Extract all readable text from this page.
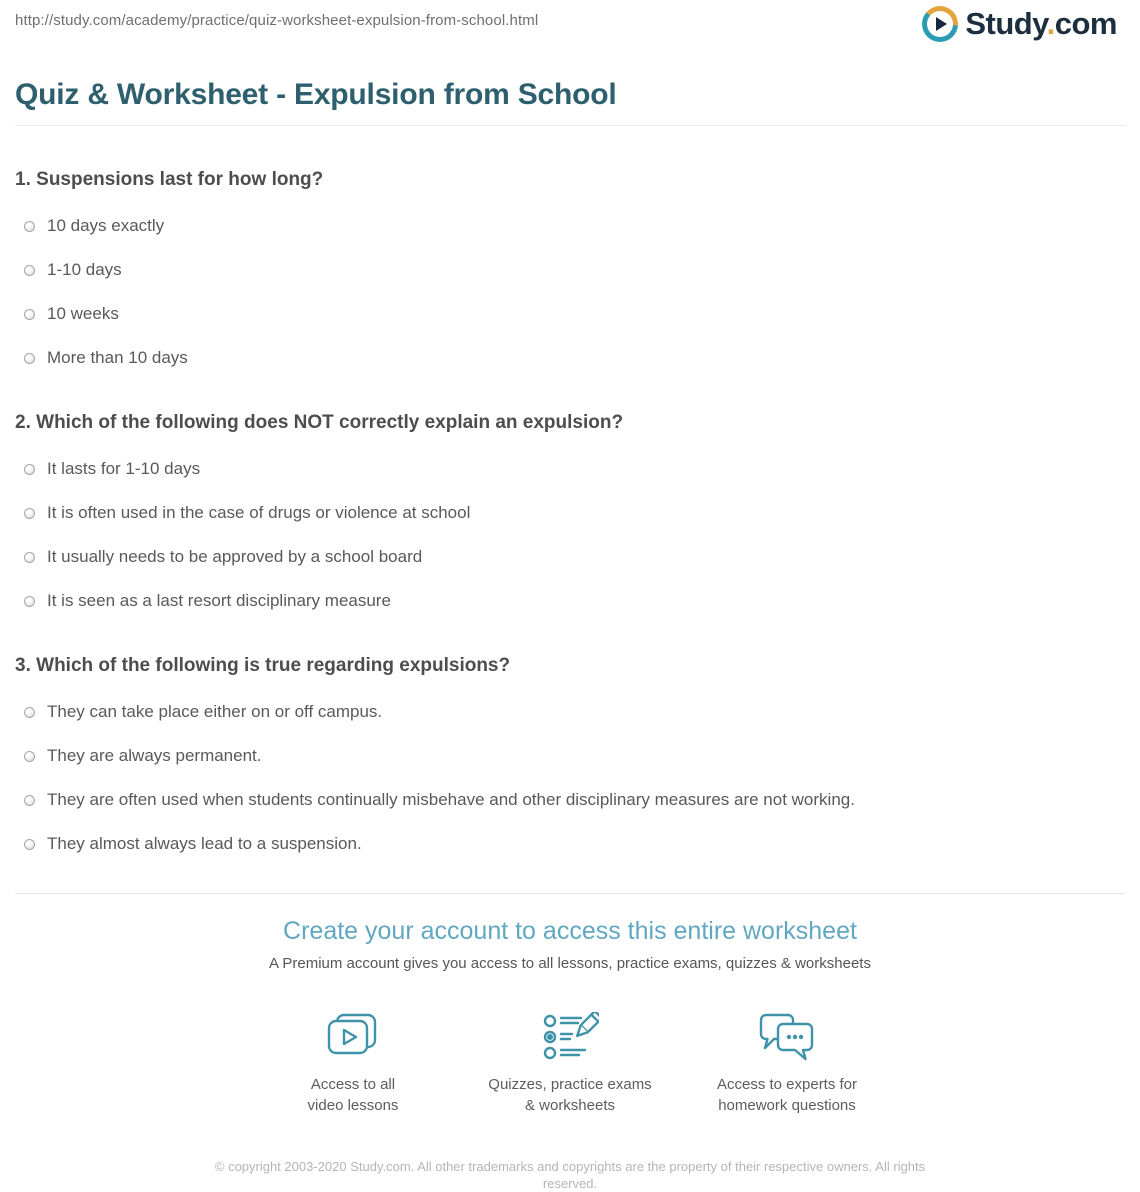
http://study.com/academy/practice/quiz-worksheet-expulsion-from-school.html	Study.com
Quiz & Worksheet - Expulsion from School
1. Suspensions last for how long?
10 days exactly
1-10 days
10 weeks
More than 10 days
2. Which of the following does NOT correctly explain an expulsion?
It lasts for 1-10 days
It is often used in the case of drugs or violence at school
It usually needs to be approved by a school board
It is seen as a last resort disciplinary measure
3. Which of the following is true regarding expulsions?
They can take place either on or off campus.
They are always permanent.
They are often used when students continually misbehave and other disciplinary measures are not working.
They almost always lead to a suspension.
Create your account to access this entire worksheet
A Premium account gives you access to all lessons, practice exams, quizzes & worksheets
Access to all
video lessons
Quizzes, practice exams
& worksheets
Access to experts for
homework questions
© copyright 2003-2020 Study.com. All other trademarks and copyrights are the property of their respective owners. All rights reserved.
